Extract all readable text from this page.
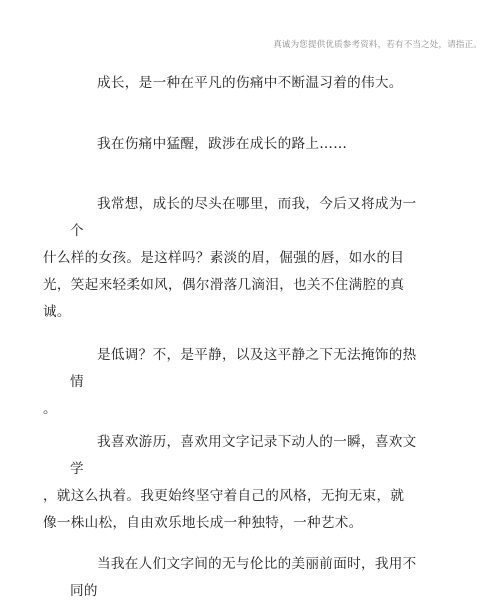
真诚为您提供优质参考资料，若有不当之处，请指正。

成长，是一种在平凡的伤痛中不断温习着的伟大。

我在伤痛中猛醒，跋涉在成长的路上……

我常想，成长的尽头在哪里，而我，今后又将成为一个
什么样的女孩。是这样吗？素淡的眉，倔强的唇，如水的目
光，笑起来轻柔如风，偶尔滑落几滴泪，也关不住满腔的真
诚。

是低调？不，是平静，以及这平静之下无法掩饰的热情
。

我喜欢游历，喜欢用文字记录下动人的一瞬，喜欢文学
，就这么执着。我更始终坚守着自己的风格，无拘无束，就
像一株山松，自由欢乐地长成一种独特，一种艺术。

当我在人们文字间的无与伦比的美丽前面时，我用不同的
